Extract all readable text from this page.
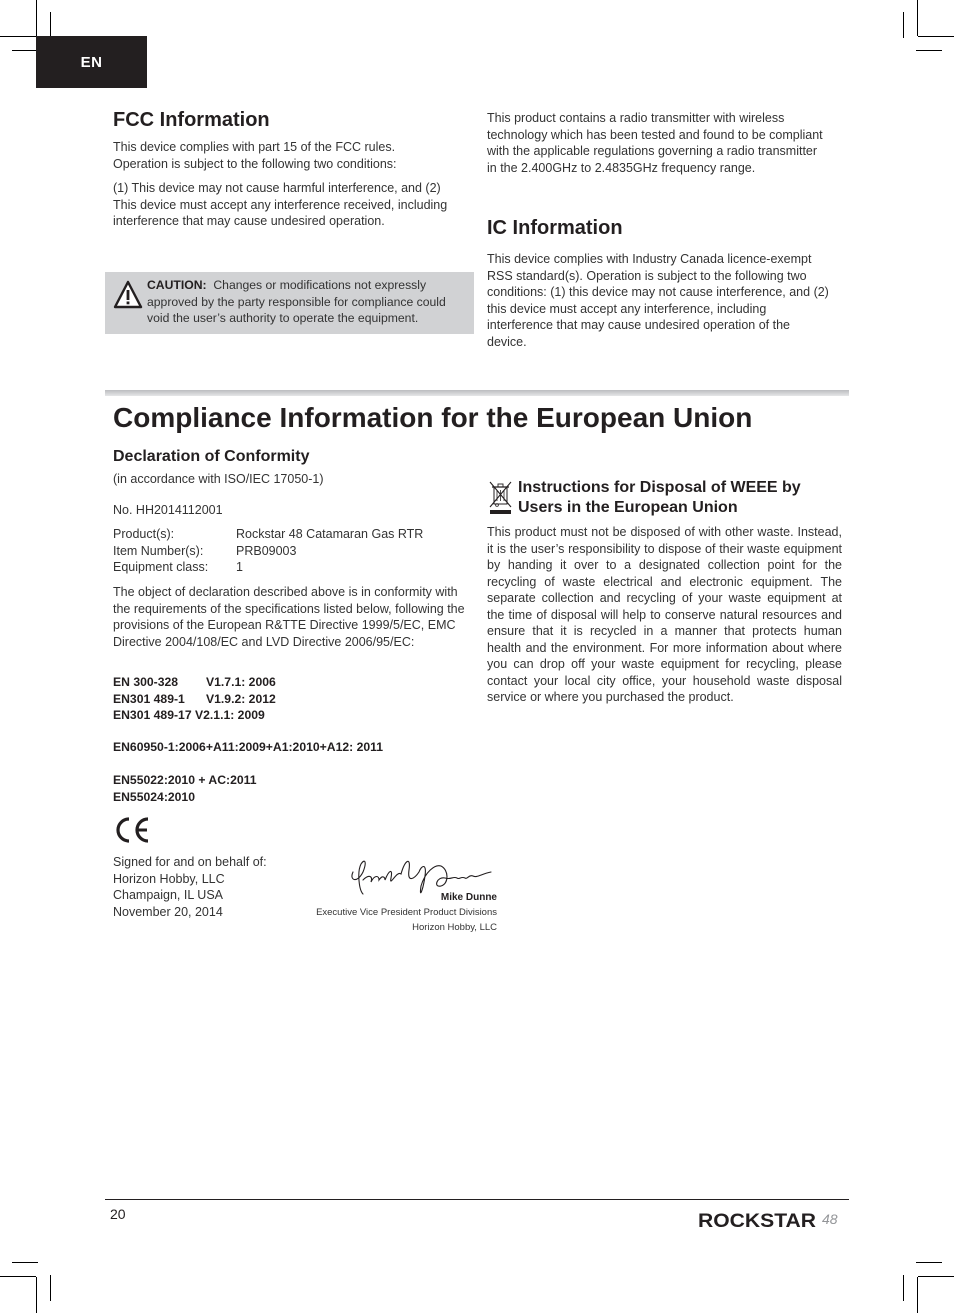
EN
FCC Information

This device complies with part 15 of the FCC rules. Operation is subject to the following two conditions:

(1) This device may not cause harmful interference, and (2) This device must accept any interference received, including interference that may cause undesired operation.

CAUTION: Changes or modifications not expressly approved by the party responsible for compliance could void the user’s authority to operate the equipment.

This product contains a radio transmitter with wireless technology which has been tested and found to be compliant with the applicable regulations governing a radio transmitter in the 2.400GHz to 2.4835GHz frequency range.

IC Information

This device complies with Industry Canada licence-exempt RSS standard(s). Operation is subject to the following two conditions: (1) this device may not cause interference, and (2) this device must accept any interference, including interference that may cause undesired operation of the device.

Compliance Information for the European Union
Declaration of Conformity

(in accordance with ISO/IEC 17050-1)

No. HH2014112001

Product(s):	Rockstar 48 Catamaran Gas RTR
Item Number(s):	PRB09003
Equipment class:	1

The object of declaration described above is in conformity with the requirements of the specifications listed below, following the provisions of the European R&TTE Directive 1999/5/EC, EMC Directive 2004/108/EC and LVD Directive 2006/95/EC:

EN 300-328 V1.7.1: 2006
EN301 489-1 V1.9.2: 2012
EN301 489-17 V2.1.1: 2009

EN60950-1:2006+A11:2009+A1:2010+A12: 2011

EN55022:2010 + AC:2011

EN55024:2010

Signed for and on behalf of:
Horizon Hobby, LLC
Champaign, IL USA
November 20, 2014

Mike Dunne
Executive Vice President Product Divisions
Horizon Hobby, LLC
Instructions for Disposal of WEEE by Users in the European Union

This product must not be disposed of with other waste. Instead, it is the user’s responsibility to dispose of their waste equipment by handing it over to a designated collection point for the recycling of waste electrical and electronic equipment. The separate collection and recycling of your waste equipment at the time of disposal will help to conserve natural resources and ensure that it is recycled in a manner that protects human health and the environment. For more information about where you can drop off your waste equipment for recycling, please contact your local city office, your household waste disposal service or where you purchased the product.

20	ROCKSTAR 48
